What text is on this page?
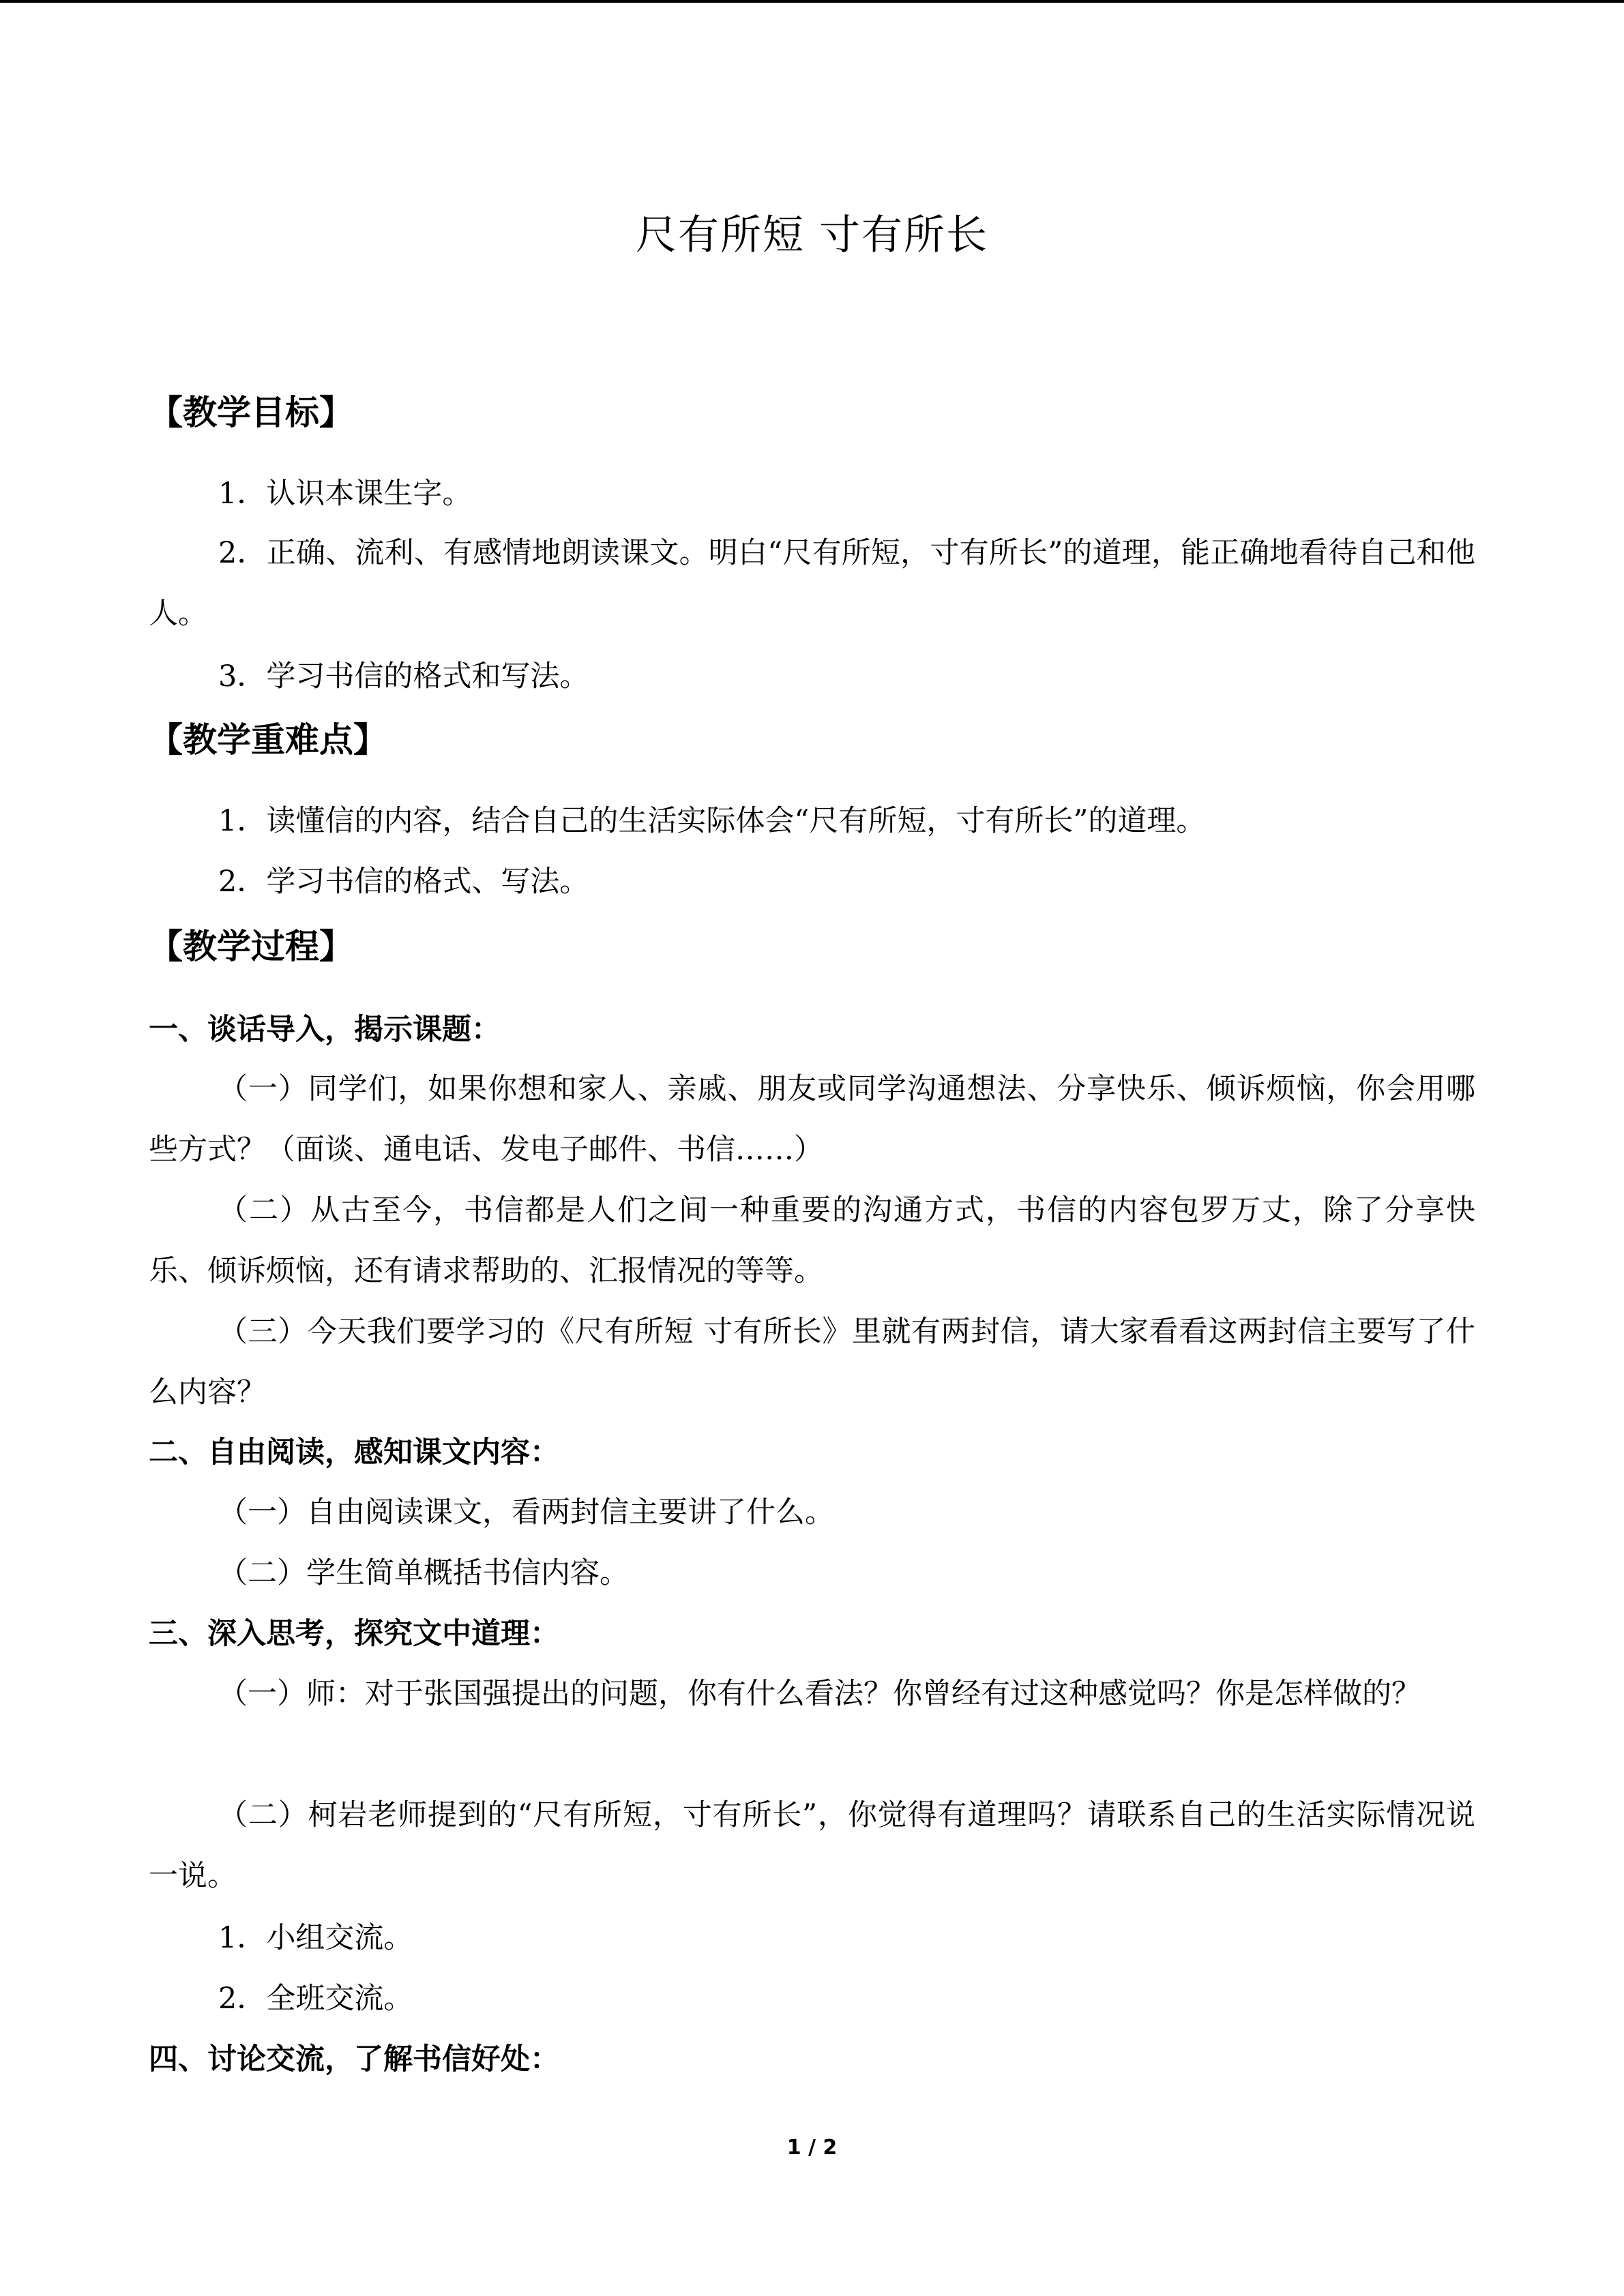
尺有所短 寸有所长
【教学目标】
1．认识本课生字。
2．正确、流利、有感情地朗读课文。明白“尺有所短，寸有所长”的道理，能正确地看待自己和他人。
3．学习书信的格式和写法。
【教学重难点】
1．读懂信的内容，结合自己的生活实际体会“尺有所短，寸有所长”的道理。
2．学习书信的格式、写法。
【教学过程】
一、谈话导入，揭示课题：
（一）同学们，如果你想和家人、亲戚、朋友或同学沟通想法、分享快乐、倾诉烦恼，你会用哪些方式？（面谈、通电话、发电子邮件、书信……）
（二）从古至今，书信都是人们之间一种重要的沟通方式，书信的内容包罗万丈，除了分享快乐、倾诉烦恼，还有请求帮助的、汇报情况的等等。
（三）今天我们要学习的《尺有所短 寸有所长》里就有两封信，请大家看看这两封信主要写了什么内容？
二、自由阅读，感知课文内容：
（一）自由阅读课文，看两封信主要讲了什么。
（二）学生简单概括书信内容。
三、深入思考，探究文中道理：
（一）师：对于张国强提出的问题，你有什么看法？你曾经有过这种感觉吗？你是怎样做的？
（二）柯岩老师提到的“尺有所短，寸有所长”，你觉得有道理吗？请联系自己的生活实际情况说一说。
1．小组交流。
2．全班交流。
四、讨论交流，了解书信好处：
1 / 2
